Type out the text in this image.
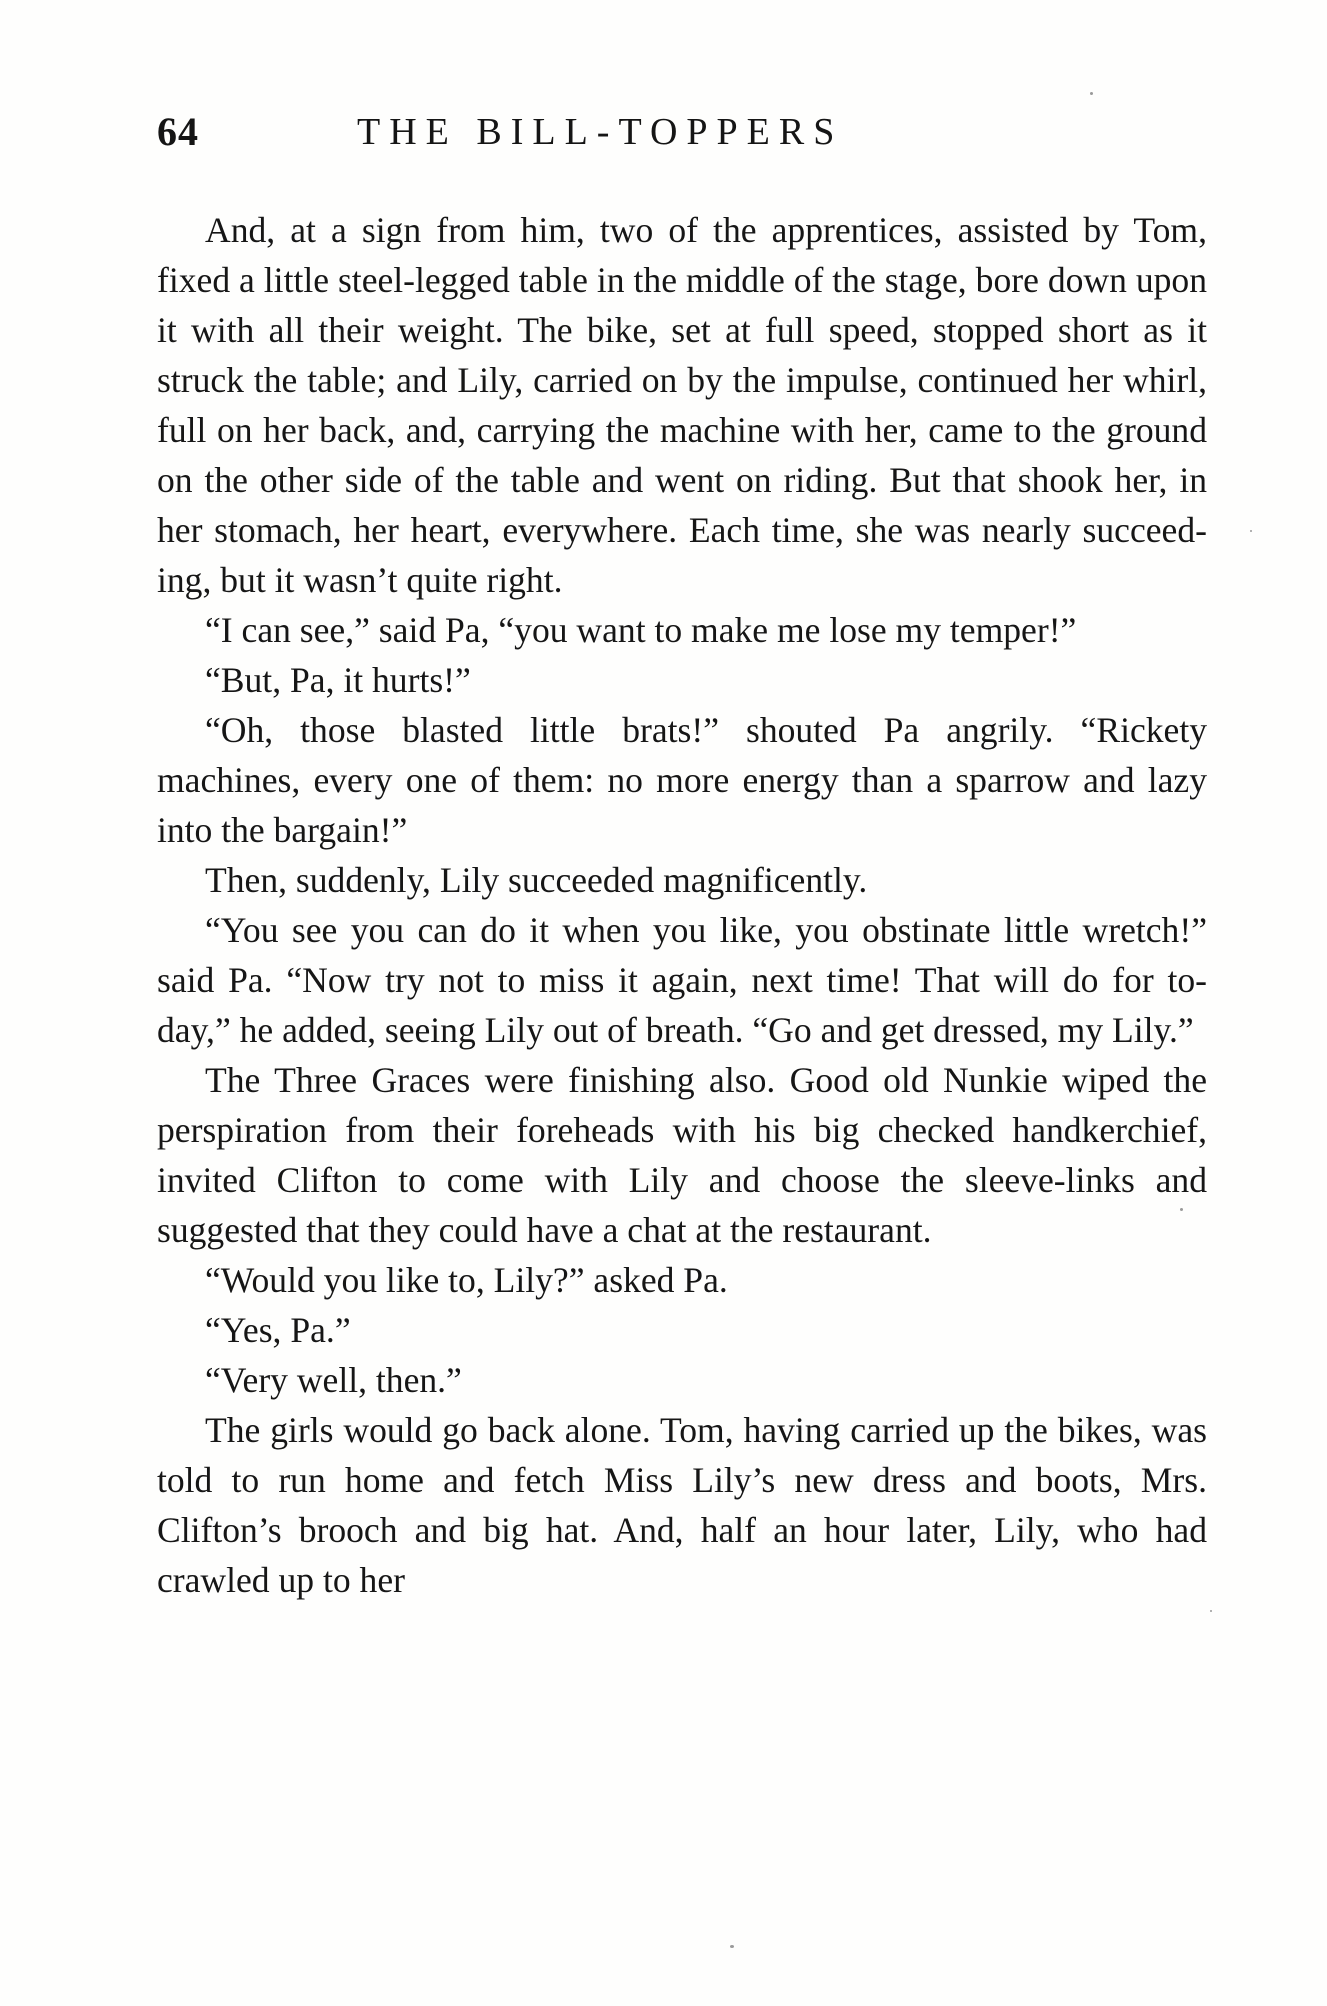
64	THE BILL-TOPPERS

And, at a sign from him, two of the apprentices, assisted by Tom, fixed a little steel-legged table in the middle of the stage, bore down upon it with all their weight. The bike, set at full speed, stopped short as it struck the table; and Lily, carried on by the impulse, continued her whirl, full on her back, and, carrying the machine with her, came to the ground on the other side of the table and went on riding. But that shook her, in her stomach, her heart, everywhere. Each time, she was nearly succeeding, but it wasn’t quite right.

“I can see,” said Pa, “you want to make me lose my temper!”

“But, Pa, it hurts!”

“Oh, those blasted little brats!” shouted Pa angrily. “Rickety machines, every one of them: no more energy than a sparrow and lazy into the bargain!”

Then, suddenly, Lily succeeded magnificently.

“You see you can do it when you like, you obstinate little wretch!” said Pa. “Now try not to miss it again, next time! That will do for to-day,” he added, seeing Lily out of breath. “Go and get dressed, my Lily.”

The Three Graces were finishing also. Good old Nunkie wiped the perspiration from their foreheads with his big checked handkerchief, invited Clifton to come with Lily and choose the sleeve-links and suggested that they could have a chat at the restaurant.

“Would you like to, Lily?” asked Pa.

“Yes, Pa.”

“Very well, then.”

The girls would go back alone. Tom, having carried up the bikes, was told to run home and fetch Miss Lily’s new dress and boots, Mrs. Clifton’s brooch and big hat. And, half an hour later, Lily, who had crawled up to her
